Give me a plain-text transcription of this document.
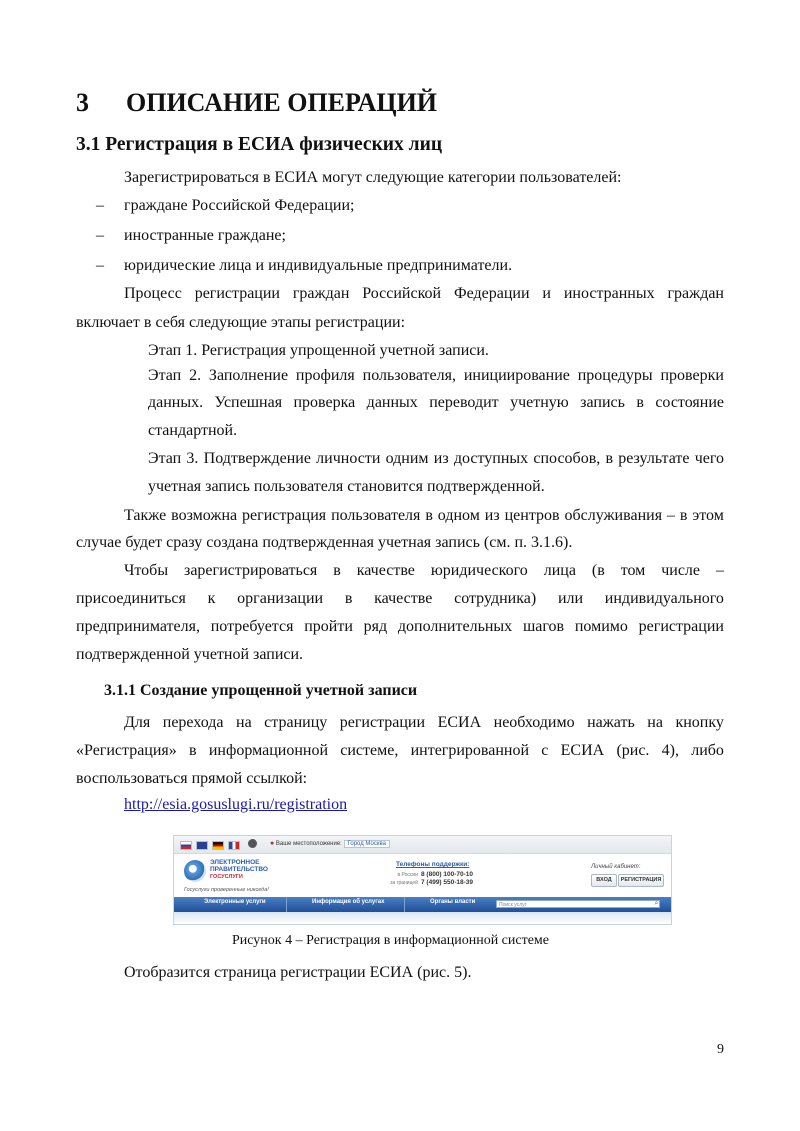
3 ОПИСАНИЕ ОПЕРАЦИЙ
3.1 Регистрация в ЕСИА физических лиц
Зарегистрироваться в ЕСИА могут следующие категории пользователей:
– граждане Российской Федерации;
– иностранные граждане;
– юридические лица и индивидуальные предприниматели.
Процесс регистрации граждан Российской Федерации и иностранных граждан
включает в себя следующие этапы регистрации:
Этап 1. Регистрация упрощенной учетной записи.
Этап 2. Заполнение профиля пользователя, инициирование процедуры проверки
данных. Успешная проверка данных переводит учетную запись в состояние
стандартной.
Этап 3. Подтверждение личности одним из доступных способов, в результате чего
учетная запись пользователя становится подтвержденной.
Также возможна регистрация пользователя в одном из центров обслуживания – в этом
случае будет сразу создана подтвержденная учетная запись (см. п. 3.1.6).
Чтобы зарегистрироваться в качестве юридического лица (в том числе –
присоединиться к организации в качестве сотрудника) или индивидуального
предпринимателя, потребуется пройти ряд дополнительных шагов помимо регистрации
подтвержденной учетной записи.
3.1.1 Создание упрощенной учетной записи
Для перехода на страницу регистрации ЕСИА необходимо нажать на кнопку
«Регистрация» в информационной системе, интегрированной с ЕСИА (рис. 4), либо
воспользоваться прямой ссылкой:
http://esia.gosuslugi.ru/registration
● Ваше местоположение: Город Москва
ЭЛЕКТРОННОЕ
ПРАВИТЕЛЬСТВО
ГОСУСЛУГИ
Госуслуги проверенные никогда!
Телефоны поддержки:
в России 8 (800) 100-70-10
за границей 7 (499) 550-18-39
Личный кабинет:
ВХОД	РЕГИСТРАЦИЯ
Электронные услуги	Информация об услугах	Органы власти	Поиск услуг	⌕
Рисунок 4 – Регистрация в информационной системе
Отобразится страница регистрации ЕСИА (рис. 5).
9
